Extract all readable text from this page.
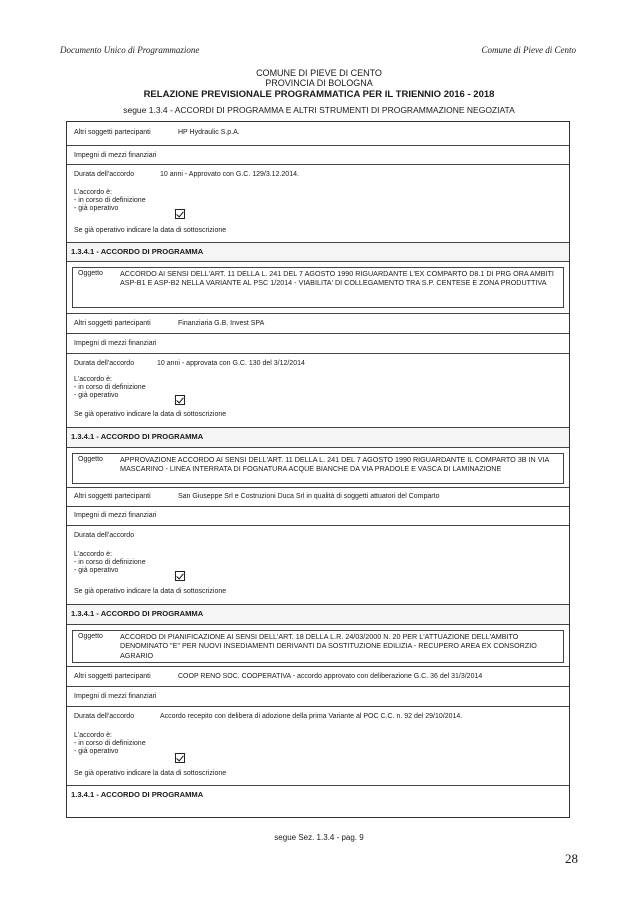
Documento Unico di Programmazione	Comune di Pieve di Cento
COMUNE DI PIEVE DI CENTO
PROVINCIA DI BOLOGNA
RELAZIONE PREVISIONALE PROGRAMMATICA PER IL TRIENNIO 2016 - 2018
segue 1.3.4 - ACCORDI DI PROGRAMMA E ALTRI STRUMENTI DI PROGRAMMAZIONE NEGOZIATA
Altri soggetti partecipanti	HP Hydraulic S.p.A.
Impegni di mezzi finanziari
Durata dell'accordo	10 anni - Approvato con G.C. 129/3.12.2014.
L'accordo è:
- in corso di definizione
- già operativo
Se già operativo indicare la data di sottoscrizione
1.3.4.1 - ACCORDO DI PROGRAMMA
Oggetto ACCORDO AI SENSI DELL'ART. 11 DELLA L. 241 DEL 7 AGOSTO 1990 RIGUARDANTE L'EX COMPARTO D8.1 DI PRG ORA AMBITI ASP-B1 E ASP-B2 NELLA VARIANTE AL PSC 1/2014 - VIABILITA' DI COLLEGAMENTO TRA S.P. CENTESE E ZONA PRODUTTIVA
Altri soggetti partecipanti	Finanziaria G.B. Invest SPA
Impegni di mezzi finanziari
Durata dell'accordo	10 anni - approvata con G.C. 130 del 3/12/2014
L'accordo è:
- in corso di definizione
- già operativo
Se già operativo indicare la data di sottoscrizione
1.3.4.1 - ACCORDO DI PROGRAMMA
Oggetto APPROVAZIONE ACCORDO AI SENSI DELL'ART. 11 DELLA L. 241 DEL 7 AGOSTO 1990 RIGUARDANTE IL COMPARTO 3B IN VIA MASCARINO - LINEA INTERRATA DI FOGNATURA ACQUE BIANCHE DA VIA PRADOLE E VASCA DI LAMINAZIONE
Altri soggetti partecipanti	San Giuseppe Srl e Costruzioni Duca Srl in qualità di soggetti attuatori del Comparto
Impegni di mezzi finanziari
Durata dell'accordo
L'accordo è:
- in corso di definizione
- già operativo
Se già operativo indicare la data di sottoscrizione
1.3.4.1 - ACCORDO DI PROGRAMMA
Oggetto ACCORDO DI PIANIFICAZIONE AI SENSI DELL'ART. 18 DELLA L.R. 24/03/2000 N. 20 PER L'ATTUAZIONE DELL'AMBITO DENOMINATO "E" PER NUOVI INSEDIAMENTI DERIVANTI DA SOSTITUZIONE EDILIZIA - RECUPERO AREA EX CONSORZIO AGRARIO
Altri soggetti partecipanti	COOP RENO SOC. COOPERATIVA - accordo approvato con deliberazione G.C. 36 del 31/3/2014
Impegni di mezzi finanziari
Durata dell'accordo	Accordo recepito con delibera di adozione della prima Variante al POC C.C. n. 92 del 29/10/2014.
L'accordo è:
- in corso di definizione
- già operativo
Se già operativo indicare la data di sottoscrizione
1.3.4.1 - ACCORDO DI PROGRAMMA
segue Sez. 1.3.4 - pag. 9
28
